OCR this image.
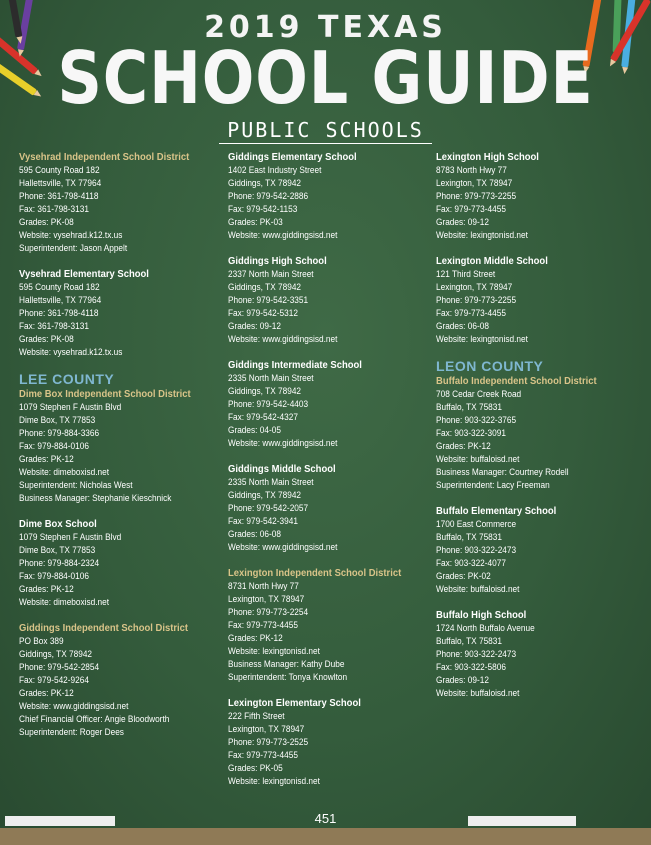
2019 TEXAS
SCHOOL GUIDE
PUBLIC SCHOOLS
Vysehrad Independent School District
595 County Road 182
Hallettsville, TX 77964
Phone: 361-798-4118
Fax: 361-798-3131
Grades: PK-08
Website: vysehrad.k12.tx.us
Superintendent: Jason Appelt
Vysehrad Elementary School
595 County Road 182
Hallettsville, TX 77964
Phone: 361-798-4118
Fax: 361-798-3131
Grades: PK-08
Website: vysehrad.k12.tx.us
LEE COUNTY
Dime Box Independent School District
1079 Stephen F Austin Blvd
Dime Box, TX 77853
Phone: 979-884-3366
Fax: 979-884-0106
Grades: PK-12
Website: dimeboxisd.net
Superintendent: Nicholas West
Business Manager: Stephanie Kieschnick
Dime Box School
1079 Stephen F Austin Blvd
Dime Box, TX 77853
Phone: 979-884-2324
Fax: 979-884-0106
Grades: PK-12
Website: dimeboxisd.net
Giddings Independent School District
PO Box 389
Giddings, TX 78942
Phone: 979-542-2854
Fax: 979-542-9264
Grades: PK-12
Website: www.giddingsisd.net
Chief Financial Officer: Angie Bloodworth
Superintendent: Roger Dees
Giddings Elementary School
1402 East Industry Street
Giddings, TX 78942
Phone: 979-542-2886
Fax: 979-542-1153
Grades: PK-03
Website: www.giddingsisd.net
Giddings High School
2337 North Main Street
Giddings, TX 78942
Phone: 979-542-3351
Fax: 979-542-5312
Grades: 09-12
Website: www.giddingsisd.net
Giddings Intermediate School
2335 North Main Street
Giddings, TX 78942
Phone: 979-542-4403
Fax: 979-542-4327
Grades: 04-05
Website: www.giddingsisd.net
Giddings Middle School
2335 North Main Street
Giddings, TX 78942
Phone: 979-542-2057
Fax: 979-542-3941
Grades: 06-08
Website: www.giddingsisd.net
Lexington Independent School District
8731 North Hwy 77
Lexington, TX 78947
Phone: 979-773-2254
Fax: 979-773-4455
Grades: PK-12
Website: lexingtonisd.net
Business Manager: Kathy Dube
Superintendent: Tonya Knowlton
Lexington Elementary School
222 Fifth Street
Lexington, TX 78947
Phone: 979-773-2525
Fax: 979-773-4455
Grades: PK-05
Website: lexingtonisd.net
Lexington High School
8783 North Hwy 77
Lexington, TX 78947
Phone: 979-773-2255
Fax: 979-773-4455
Grades: 09-12
Website: lexingtonisd.net
Lexington Middle School
121 Third Street
Lexington, TX 78947
Phone: 979-773-2255
Fax: 979-773-4455
Grades: 06-08
Website: lexingtonisd.net
LEON COUNTY
Buffalo Independent School District
708 Cedar Creek Road
Buffalo, TX 75831
Phone: 903-322-3765
Fax: 903-322-3091
Grades: PK-12
Website: buffaloisd.net
Business Manager: Courtney Rodell
Superintendent: Lacy Freeman
Buffalo Elementary School
1700 East Commerce
Buffalo, TX 75831
Phone: 903-322-2473
Fax: 903-322-4077
Grades: PK-02
Website: buffaloisd.net
Buffalo High School
1724 North Buffalo Avenue
Buffalo, TX 75831
Phone: 903-322-2473
Fax: 903-322-5806
Grades: 09-12
Website: buffaloisd.net
451
